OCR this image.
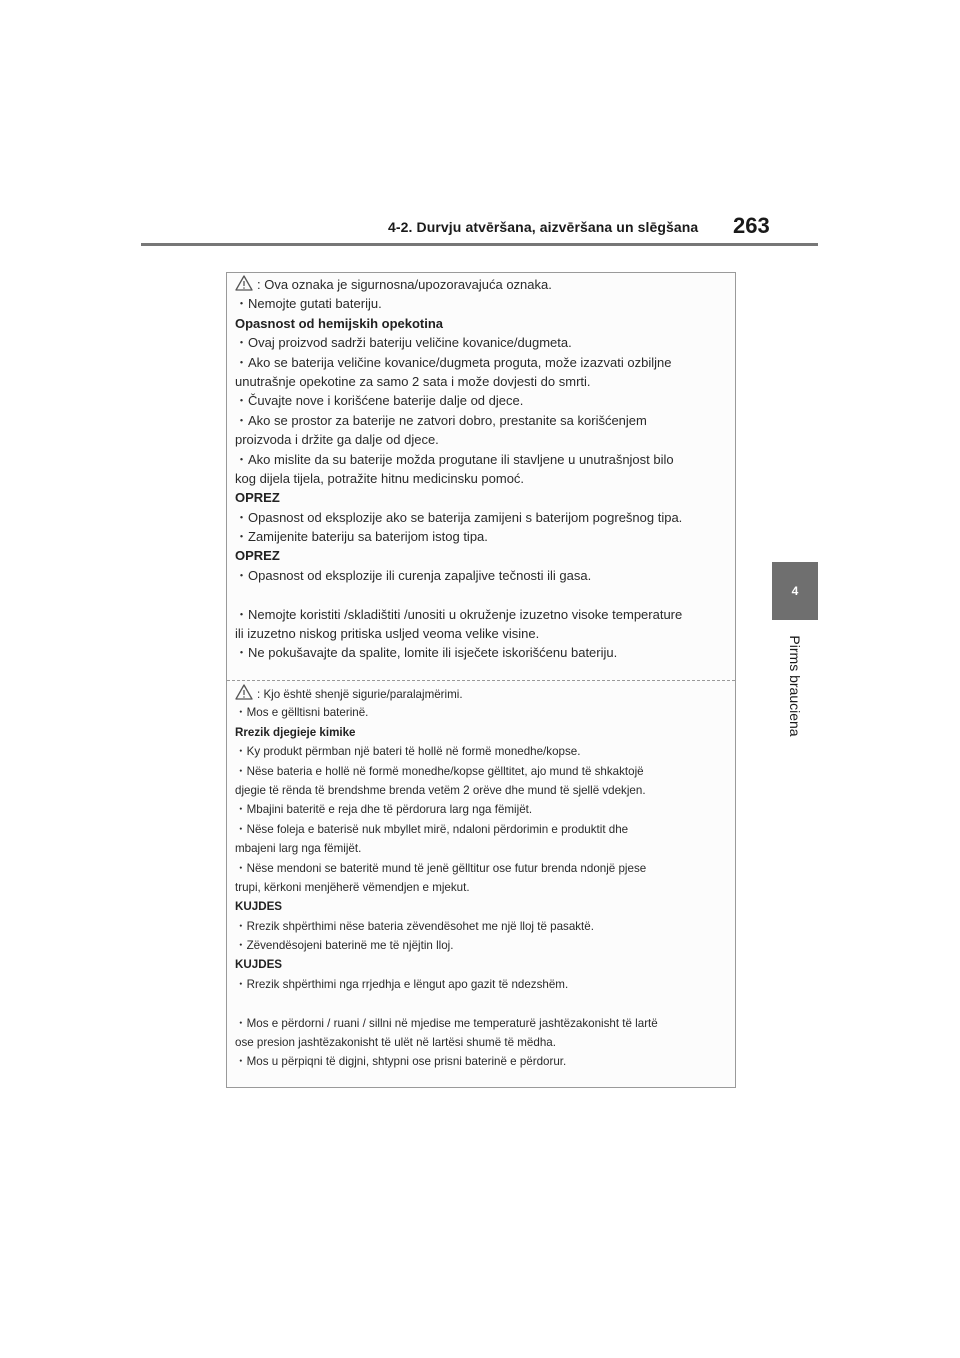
4-2. Durvju atvēršana, aizvēršana un slēgšana 263
4
Pirms brauciena
: Ova oznaka je sigurnosna/upozoravajuća oznaka.
・Nemojte gutati bateriju.
Opasnost od hemijskih opekotina
・Ovaj proizvod sadrži bateriju veličine kovanice/dugmeta.
・Ako se baterija veličine kovanice/dugmeta proguta, može izazvati ozbiljne
unutrašnje opekotine za samo 2 sata i može dovjesti do smrti.
・Čuvajte nove i korišćene baterije dalje od djece.
・Ako se prostor za baterije ne zatvori dobro, prestanite sa korišćenjem
proizvoda i držite ga dalje od djece.
・Ako mislite da su baterije možda progutane ili stavljene u unutrašnjost bilo
kog dijela tijela, potražite hitnu medicinsku pomoć.
OPREZ
・Opasnost od eksplozije ako se baterija zamijeni s baterijom pogrešnog tipa.
・Zamijenite bateriju sa baterijom istog tipa.
OPREZ
・Opasnost od eksplozije ili curenja zapaljive tečnosti ili gasa.
・Nemojte koristiti /skladištiti /unositi u okruženje izuzetno visoke temperature
ili izuzetno niskog pritiska usljed veoma velike visine.
・Ne pokušavajte da spalite, lomite ili isječete iskorišćenu bateriju.
: Kjo është shenjë sigurie/paralajmërimi.
・Mos e gëlltisni baterinë.
Rrezik djegieje kimike
・Ky produkt përmban një bateri të hollë në formë monedhe/kopse.
・Nëse bateria e hollë në formë monedhe/kopse gëlltitet, ajo mund të shkaktojë
djegie të rënda të brendshme brenda vetëm 2 orëve dhe mund të sjellë vdekjen.
・Mbajini bateritë e reja dhe të përdorura larg nga fëmijët.
・Nëse foleja e baterisë nuk mbyllet mirë, ndaloni përdorimin e produktit dhe
mbajeni larg nga fëmijët.
・Nëse mendoni se bateritë mund të jenë gëlltitur ose futur brenda ndonjë pjese
trupi, kërkoni menjëherë vëmendjen e mjekut.
KUJDES
・Rrezik shpërthimi nëse bateria zëvendësohet me një lloj të pasaktë.
・Zëvendësojeni baterinë me të njëjtin lloj.
KUJDES
・Rrezik shpërthimi nga rrjedhja e lëngut apo gazit të ndezshëm.
・Mos e përdorni / ruani / sillni në mjedise me temperaturë jashtëzakonisht të lartë
ose presion jashtëzakonisht të ulët në lartësi shumë të mëdha.
・Mos u përpiqni të digjni, shtypni ose prisni baterinë e përdorur.
